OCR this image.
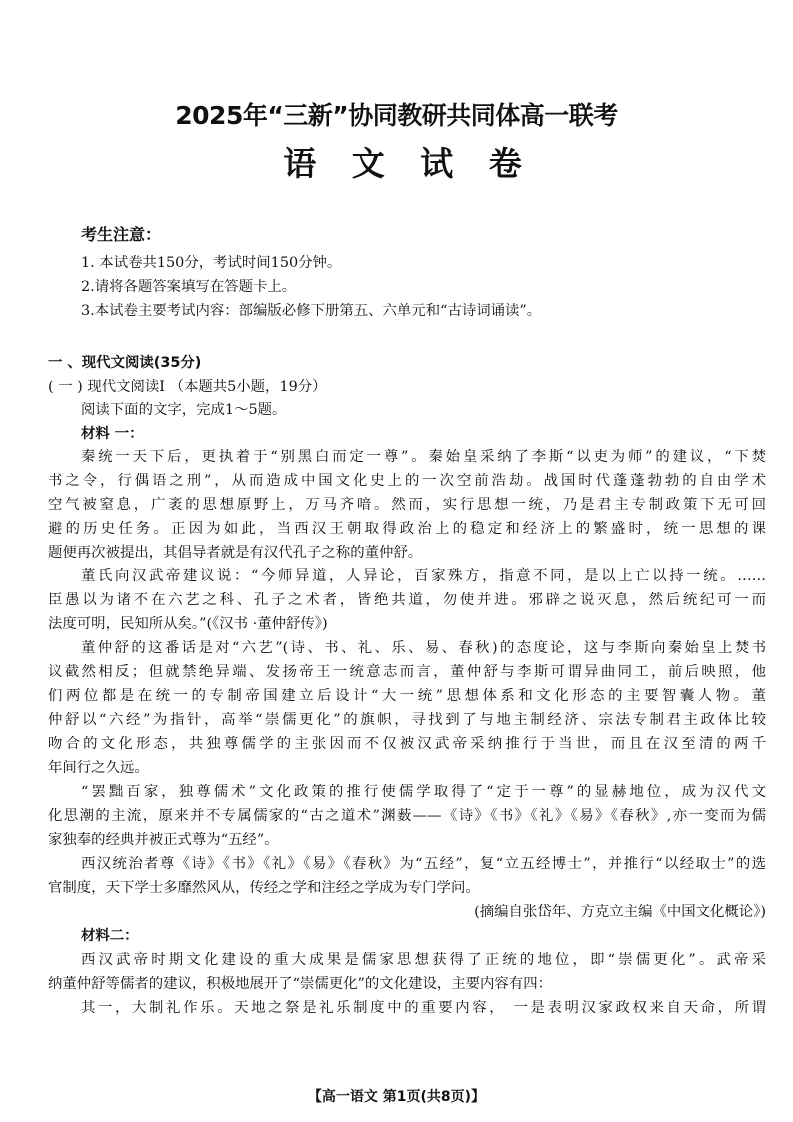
2025年“三新”协同教研共同体高一联考
语 文 试 卷
考生注意：
1. 本试卷共150分，考试时间150分钟。
2.请将各题答案填写在答题卡上。
3.本试卷主要考试内容：部编版必修下册第五、六单元和“古诗词诵读”。
一 、现代文阅读(35分)
( 一 ) 现代文阅读I （本题共5小题，19分）
阅读下面的文字，完成1～5题。
材料 一：
秦统一天下后，更执着于“别黑白而定一尊”。秦始皇采纳了李斯“以吏为师”的建议，“下焚
书之令，行偶语之刑”，从而造成中国文化史上的一次空前浩劫。战国时代蓬蓬勃勃的自由学术
空气被窒息，广袤的思想原野上，万马齐喑。然而，实行思想一统，乃是君主专制政策下无可回
避的历史任务。正因为如此，当西汉王朝取得政治上的稳定和经济上的繁盛时，统一思想的课
题便再次被提出，其倡导者就是有汉代孔子之称的董仲舒。
董氏向汉武帝建议说：“今师异道，人异论，百家殊方，指意不同，是以上亡以持一统。……
臣愚以为诸不在六艺之科、孔子之术者，皆绝共道，勿使并进。邪辟之说灭息，然后统纪可一而
法度可明，民知所从矣。”(《汉书 ·董仲舒传》)
董仲舒的这番话是对“六艺”(诗、书、礼、乐、易、春秋)的态度论，这与李斯向秦始皇上焚书
议截然相反；但就禁绝异端、发扬帝王一统意志而言，董仲舒与李斯可谓异曲同工，前后映照，他
们两位都是在统一的专制帝国建立后设计“大一统”思想体系和文化形态的主要智囊人物。董
仲舒以“六经”为指针，高举“崇儒更化”的旗帜，寻找到了与地主制经济、宗法专制君主政体比较
吻合的文化形态，共独尊儒学的主张因而不仅被汉武帝采纳推行于当世，而且在汉至清的两千
年间行之久远。
“罢黜百家，独尊儒术”文化政策的推行使儒学取得了“定于一尊”的显赫地位，成为汉代文
化思潮的主流，原来并不专属儒家的“古之道术”渊薮——《诗》《书》《礼》《易》《春秋》,亦一变而为儒
家独奉的经典并被正式尊为“五经”。
西汉统治者尊《诗》《书》《礼》《易》《春秋》为“五经”，复“立五经博士”，并推行“以经取士”的选
官制度，天下学士多靡然风从，传经之学和注经之学成为专门学问。
(摘编自张岱年、方克立主编《中国文化概论》)
材料二：
西汉武帝时期文化建设的重大成果是儒家思想获得了正统的地位，即“崇儒更化”。武帝采
纳董仲舒等儒者的建议，积极地展开了“崇儒更化”的文化建设，主要内容有四：
其一，大制礼作乐。天地之祭是礼乐制度中的重要内容， 一是表明汉家政权来自天命，所谓
【高一语文 第1页(共8页)】
